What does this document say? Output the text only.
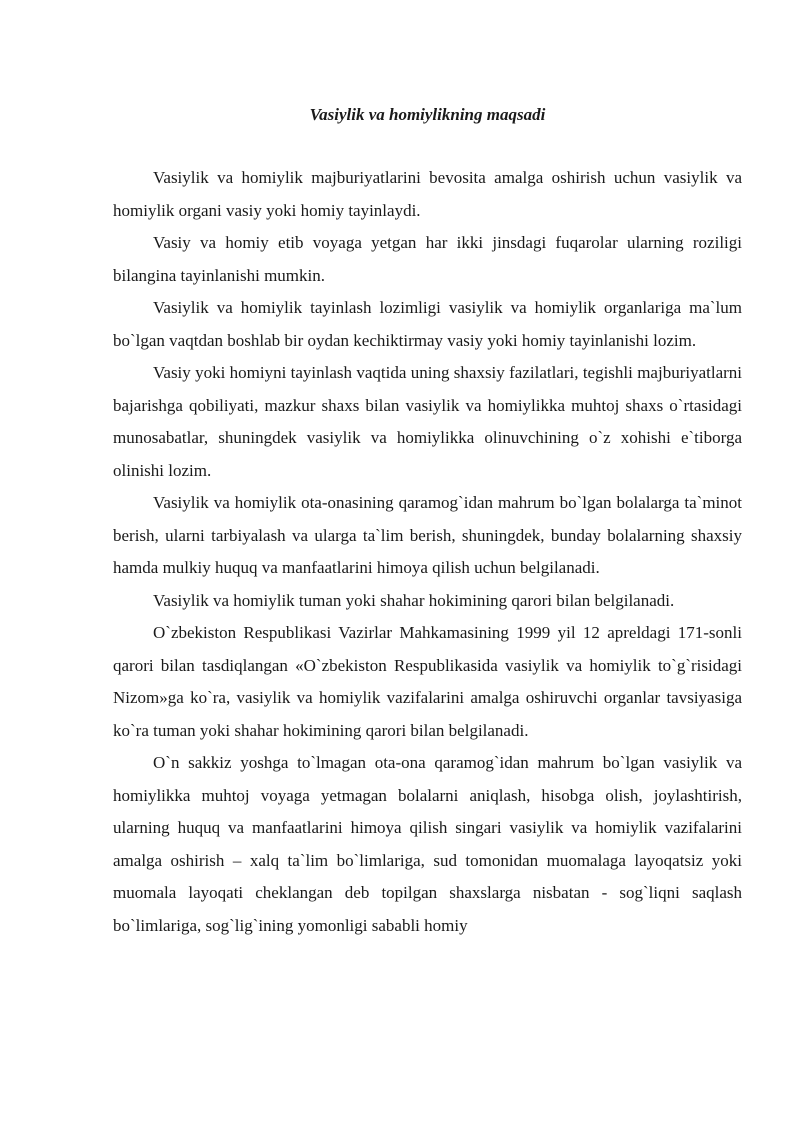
Vasiylik va homiylikning maqsadi

Vasiylik va homiylik majburiyatlarini bevosita amalga oshirish uchun vasiylik va homiylik organi vasiy yoki homiy tayinlaydi.

Vasiy va homiy etib voyaga yetgan har ikki jinsdagi fuqarolar ularning roziligi bilangina tayinlanishi mumkin.

Vasiylik va homiylik tayinlash lozimligi vasiylik va homiylik organlariga ma`lum bo`lgan vaqtdan boshlab bir oydan kechiktirmay vasiy yoki homiy tayinlanishi lozim.

Vasiy yoki homiyni tayinlash vaqtida uning shaxsiy fazilatlari, tegishli majburiyatlarni bajarishga qobiliyati, mazkur shaxs bilan vasiylik va homiylikka muhtoj shaxs o`rtasidagi munosabatlar, shuningdek vasiylik va homiylikka olinuvchining o`z xohishi e`tiborga olinishi lozim.

Vasiylik va homiylik ota-onasining qaramog`idan mahrum bo`lgan bolalarga ta`minot berish, ularni tarbiyalash va ularga ta`lim berish, shuningdek, bunday bolalarning shaxsiy hamda mulkiy huquq va manfaatlarini himoya qilish uchun belgilanadi.

Vasiylik va homiylik tuman yoki shahar hokimining qarori bilan belgilanadi.

O`zbekiston Respublikasi Vazirlar Mahkamasining 1999 yil 12 apreldagi 171-sonli qarori bilan tasdiqlangan «O`zbekiston Respublikasida vasiylik va homiylik to`g`risidagi Nizom»ga ko`ra, vasiylik va homiylik vazifalarini amalga oshiruvchi organlar tavsiyasiga ko`ra tuman yoki shahar hokimining qarori bilan belgilanadi.

O`n sakkiz yoshga to`lmagan ota-ona qaramog`idan mahrum bo`lgan vasiylik va homiylikka muhtoj voyaga yetmagan bolalarni aniqlash, hisobga olish, joylashtirish, ularning huquq va manfaatlarini himoya qilish singari vasiylik va homiylik vazifalarini amalga oshirish – xalq ta`lim bo`limlariga, sud tomonidan muomalaga layoqatsiz yoki muomala layoqati cheklangan deb topilgan shaxslarga nisbatan - sog`liqni saqlash bo`limlariga, sog`lig`ining yomonligi sababli homiy
